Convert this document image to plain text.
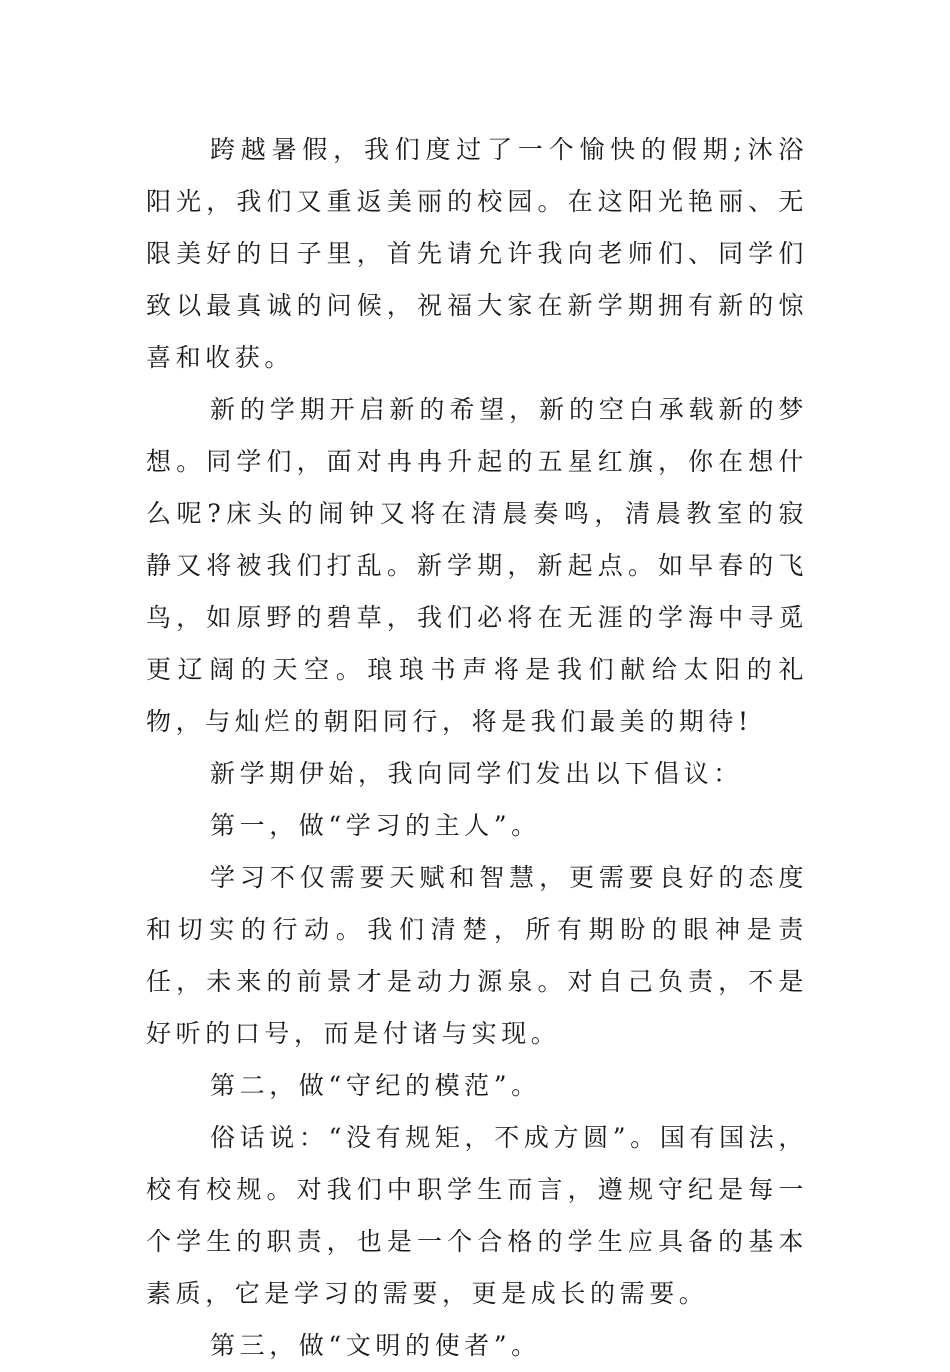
跨越暑假，我们度过了一个愉快的假期;沐浴阳光，我们又重返美丽的校园。在这阳光艳丽、无限美好的日子里，首先请允许我向老师们、同学们致以最真诚的问候，祝福大家在新学期拥有新的惊喜和收获。

新的学期开启新的希望，新的空白承载新的梦想。同学们，面对冉冉升起的五星红旗，你在想什么呢?床头的闹钟又将在清晨奏鸣，清晨教室的寂静又将被我们打乱。新学期，新起点。如早春的飞鸟，如原野的碧草，我们必将在无涯的学海中寻觅更辽阔的天空。琅琅书声将是我们献给太阳的礼物，与灿烂的朝阳同行，将是我们最美的期待!

新学期伊始，我向同学们发出以下倡议：

第一，做“学习的主人”。

学习不仅需要天赋和智慧，更需要良好的态度和切实的行动。我们清楚，所有期盼的眼神是责任，未来的前景才是动力源泉。对自己负责，不是好听的口号，而是付诸与实现。

第二，做“守纪的模范”。

俗话说：“没有规矩，不成方圆”。国有国法，校有校规。对我们中职学生而言，遵规守纪是每一个学生的职责，也是一个合格的学生应具备的基本素质，它是学习的需要，更是成长的需要。

第三，做“文明的使者”。
